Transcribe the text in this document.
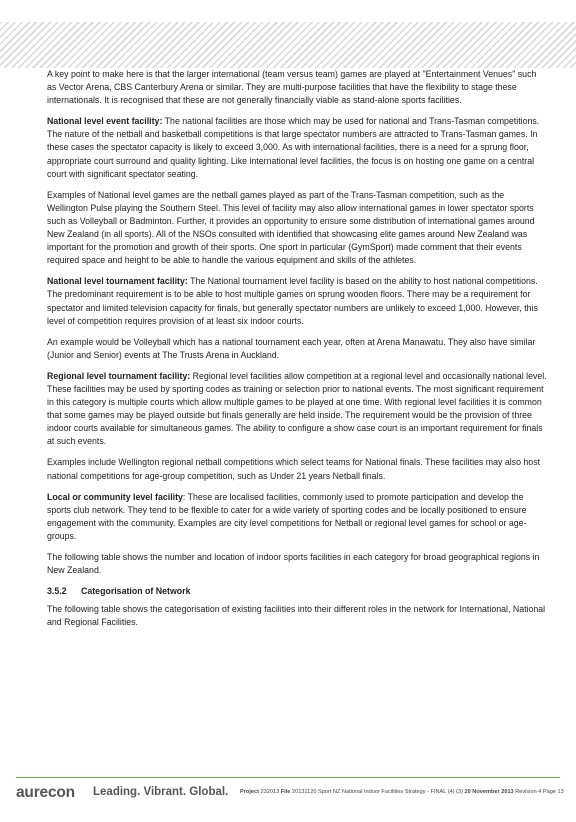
A key point to make here is that the larger international (team versus team) games are played at "Entertainment Venues" such as Vector Arena, CBS Canterbury Arena or similar. They are multi-purpose facilities that have the flexibility to stage these internationals. It is recognised that these are not generally financially viable as stand-alone sports facilities.

National level event facility: The national facilities are those which may be used for national and Trans-Tasman competitions. The nature of the netball and basketball competitions is that large spectator numbers are attracted to Trans-Tasman games. In these cases the spectator capacity is likely to exceed 3,000. As with international facilities, there is a need for a sprung floor, appropriate court surround and quality lighting. Like international level facilities, the focus is on hosting one game on a central court with significant spectator seating.

Examples of National level games are the netball games played as part of the Trans-Tasman competition, such as the Wellington Pulse playing the Southern Steel. This level of facility may also allow international games in lower spectator sports such as Volleyball or Badminton. Further, it provides an opportunity to ensure some distribution of international games around New Zealand (in all sports). All of the NSOs consulted with identified that showcasing elite games around New Zealand was important for the promotion and growth of their sports. One sport in particular (GymSport) made comment that their events required space and height to be able to handle the various equipment and skills of the athletes.

National level tournament facility: The National tournament level facility is based on the ability to host national competitions. The predominant requirement is to be able to host multiple games on sprung wooden floors. There may be a requirement for spectator and limited television capacity for finals, but generally spectator numbers are unlikely to exceed 1,000. However, this level of competition requires provision of at least six indoor courts.

An example would be Volleyball which has a national tournament each year, often at Arena Manawatu. They also have similar (Junior and Senior) events at The Trusts Arena in Auckland.

Regional level tournament facility: Regional level facilities allow competition at a regional level and occasionally national level. These facilities may be used by sporting codes as training or selection prior to national events. The most significant requirement in this category is multiple courts which allow multiple games to be played at one time. With regional level facilities it is common that some games may be played outside but finals generally are held inside. The requirement would be the provision of three indoor courts available for simultaneous games. The ability to configure a show case court is an important requirement for finals at such events.

Examples include Wellington regional netball competitions which select teams for National finals. These facilities may also host national competitions for age-group competition, such as Under 21 years Netball finals.

Local or community level facility: These are localised facilities, commonly used to promote participation and develop the sports club network. They tend to be flexible to cater for a wide variety of sporting codes and be locally positioned to ensure engagement with the community. Examples are city level competitions for Netball or regional level games for school or age-groups.

The following table shows the number and location of indoor sports facilities in each category for broad geographical regions in New Zealand.

3.5.2 Categorisation of Network

The following table shows the categorisation of existing facilities into their different roles in the network for International, National and Regional Facilities.

aurecon Leading. Vibrant. Global. Project 232013 File 20131120 Sport NZ National Indoor Facilities Strategy - FINAL (4) (3) 20 November 2013 Revision 4 Page 13
